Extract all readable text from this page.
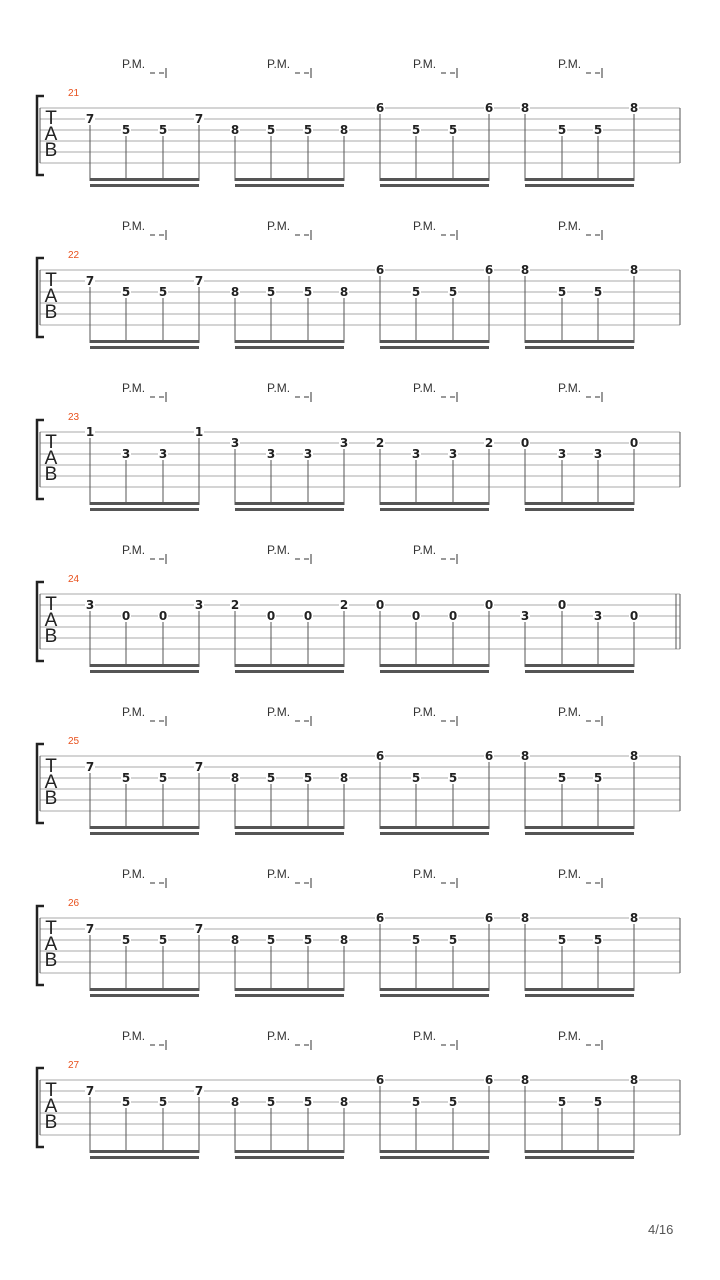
P.M.	P.M.	P.M.	P.M.
21
T
A
B
7
5 5
7
8 5 5 8
6
5 5
6 8
5 5
8
P.M.	P.M.	P.M.	P.M.
22
T
A
B
7
5 5
7
8 5 5 8
6
5 5
6 8
5 5
8
P.M.	P.M.	P.M.	P.M.
23
T
A
B
1
3 3
1
3
3 3
3 2
3 3
2 0
3 3
0
P.M.	P.M.	P.M.
24
T
A
B
3
0 0
3 2
0 0
2 0
0 0
0
3
0
3 0
P.M.	P.M.	P.M.	P.M.
25
T
A
B
7
5 5
7
8 5 5 8
6
5 5
6 8
5 5
8
P.M.	P.M.	P.M.	P.M.
26
T
A
B
7
5 5
7
8 5 5 8
6
5 5
6 8
5 5
8
P.M.	P.M.	P.M.	P.M.
27
T
A
B
7
5 5
7
8 5 5 8
6
5 5
6 8
5 5
8
4/16
